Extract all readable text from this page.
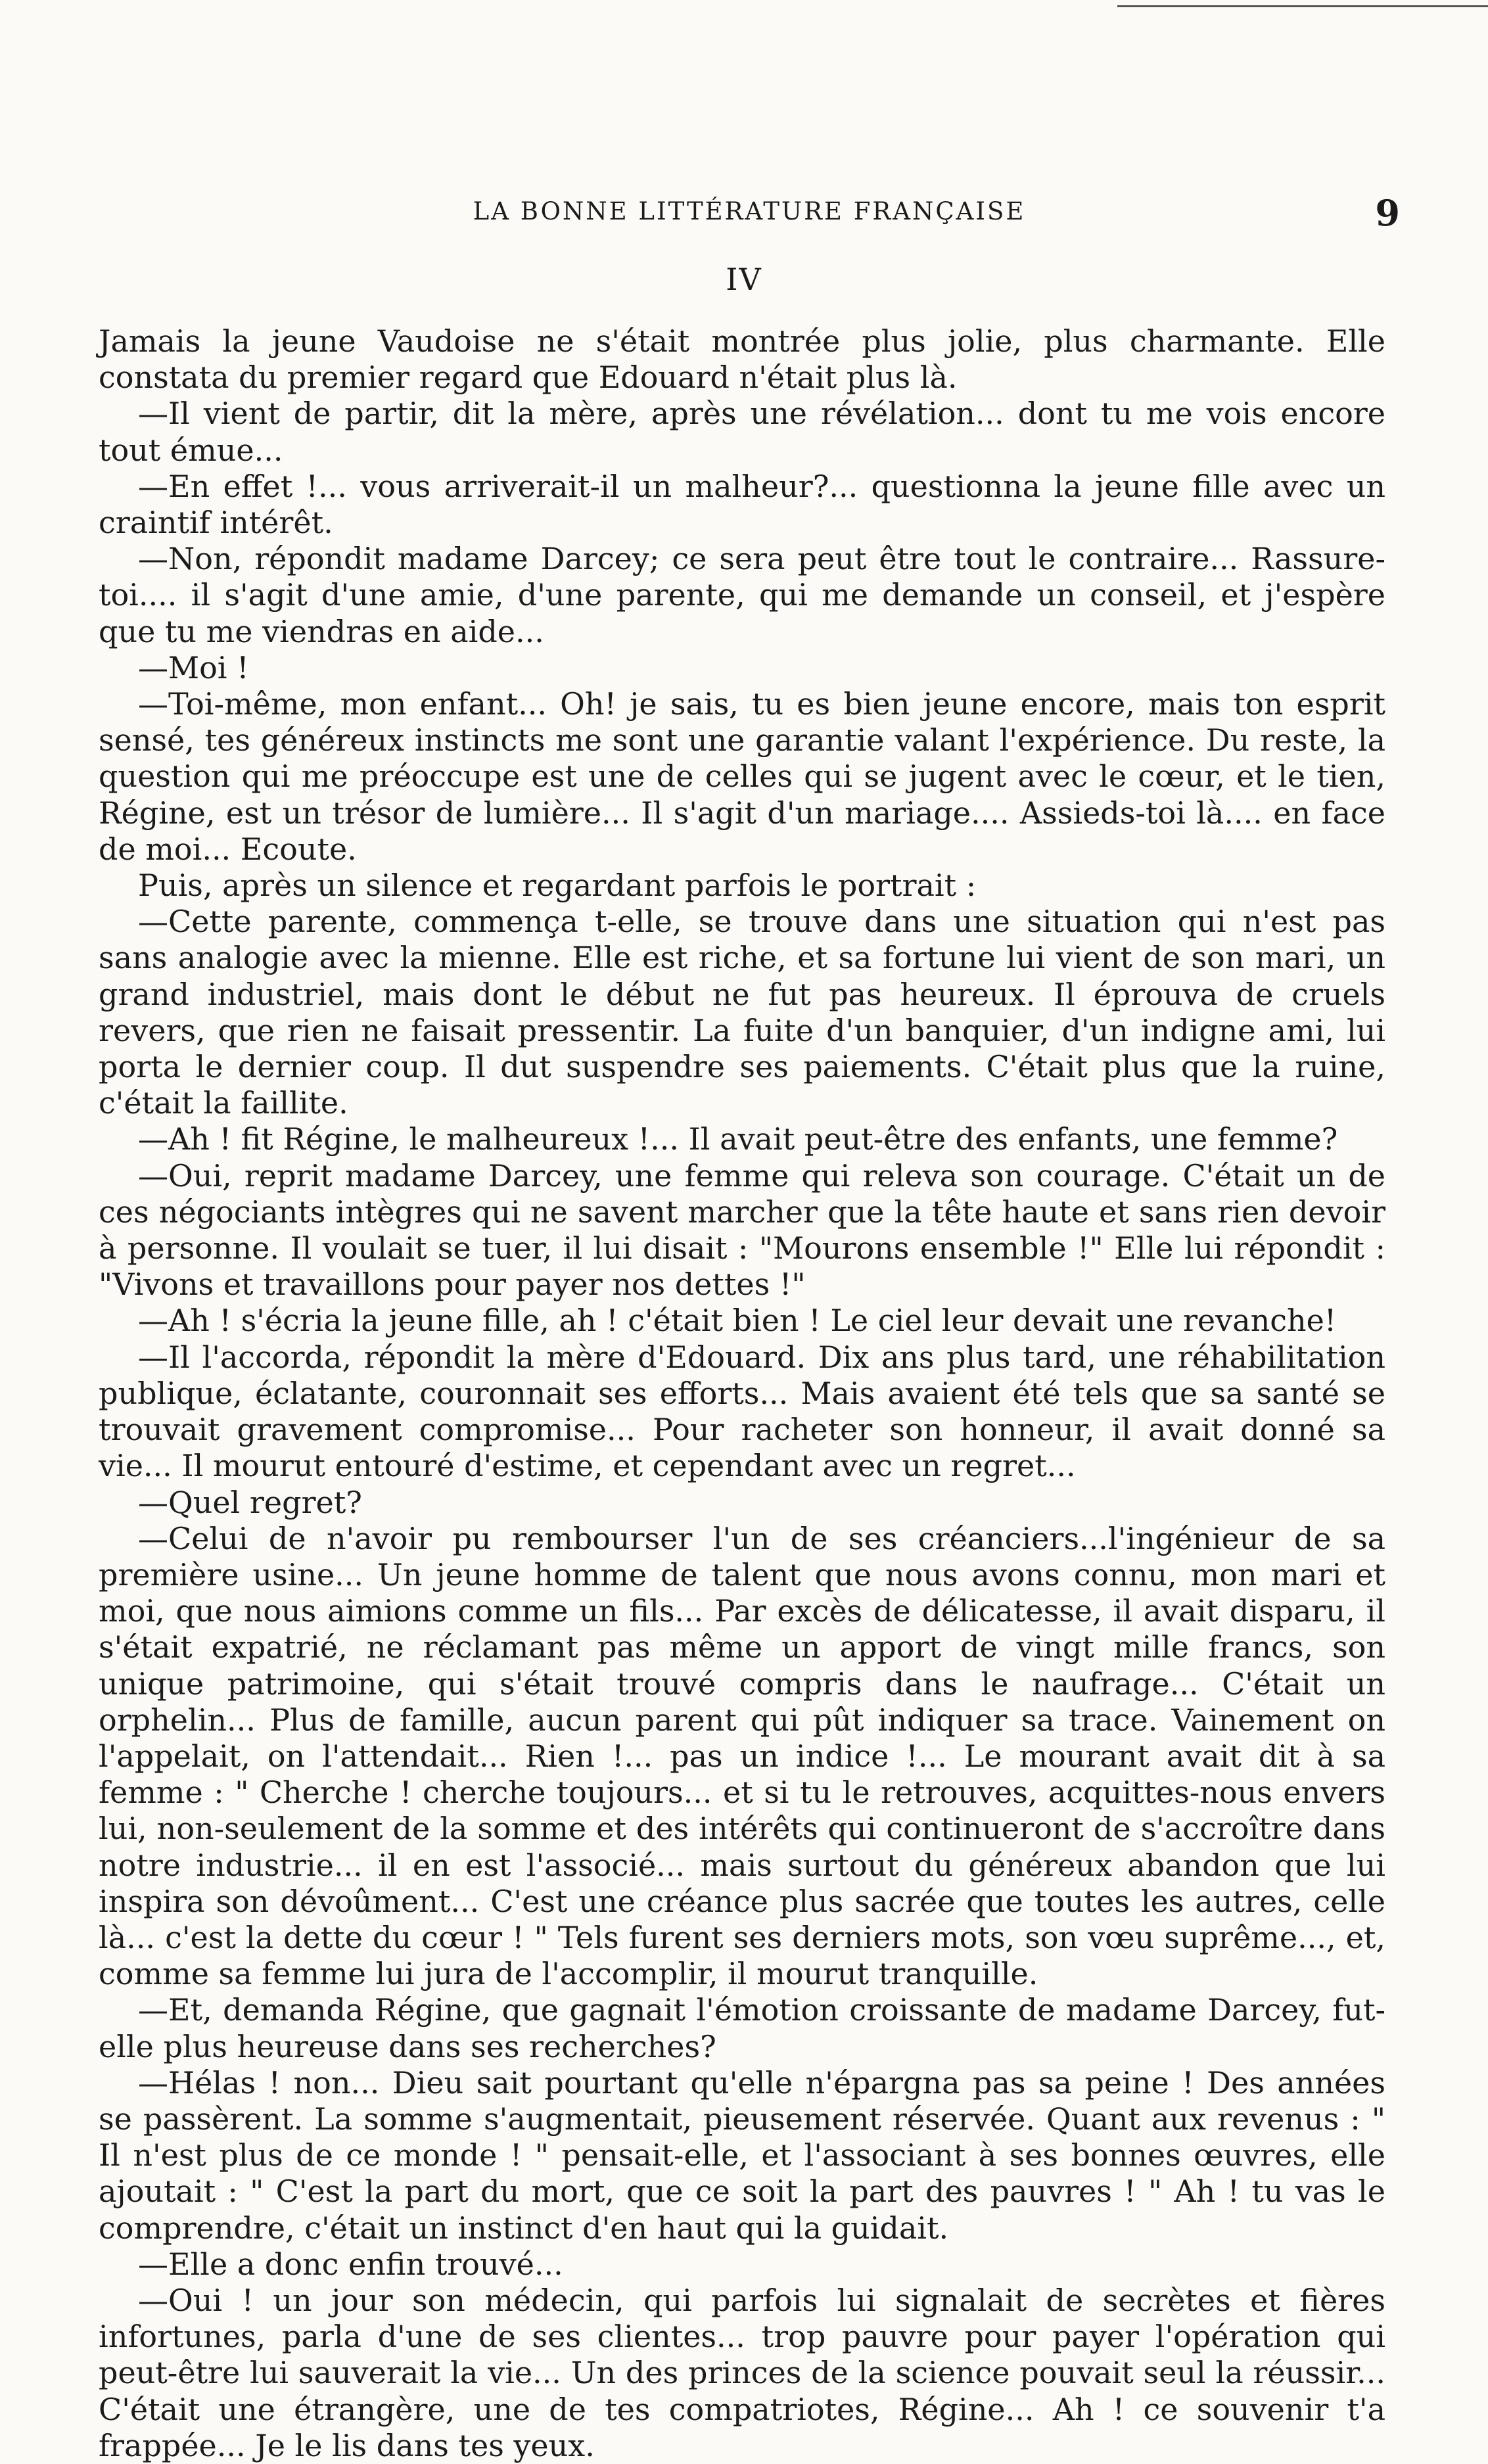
LA BONNE LITTÉRATURE FRANÇAISE	9
IV

Jamais la jeune Vaudoise ne s'était montrée plus jolie, plus charmante. Elle constata du premier regard que Edouard n'était plus là.

—Il vient de partir, dit la mère, après une révélation... dont tu me vois encore tout émue...

—En effet !... vous arriverait-il un malheur?... questionna la jeune fille avec un craintif intérêt.

—Non, répondit madame Darcey; ce sera peut être tout le contraire... Rassure-toi.... il s'agit d'une amie, d'une parente, qui me demande un conseil, et j'espère que tu me viendras en aide...

—Moi !

—Toi-même, mon enfant... Oh! je sais, tu es bien jeune encore, mais ton esprit sensé, tes généreux instincts me sont une garantie valant l'expérience. Du reste, la question qui me préoccupe est une de celles qui se jugent avec le cœur, et le tien, Régine, est un trésor de lumière... Il s'agit d'un mariage.... Assieds-toi là.... en face de moi... Ecoute.

Puis, après un silence et regardant parfois le portrait :

—Cette parente, commença t-elle, se trouve dans une situation qui n'est pas sans analogie avec la mienne. Elle est riche, et sa fortune lui vient de son mari, un grand industriel, mais dont le début ne fut pas heureux. Il éprouva de cruels revers, que rien ne faisait pressentir. La fuite d'un banquier, d'un indigne ami, lui porta le dernier coup. Il dut suspendre ses paiements. C'était plus que la ruine, c'était la faillite.

—Ah ! fit Régine, le malheureux !... Il avait peut-être des enfants, une femme?

—Oui, reprit madame Darcey, une femme qui releva son courage. C'était un de ces négociants intègres qui ne savent marcher que la tête haute et sans rien devoir à personne. Il voulait se tuer, il lui disait : "Mourons ensemble !" Elle lui répondit : "Vivons et travaillons pour payer nos dettes !"

—Ah ! s'écria la jeune fille, ah ! c'était bien ! Le ciel leur devait une revanche!

—Il l'accorda, répondit la mère d'Edouard. Dix ans plus tard, une réhabilitation publique, éclatante, couronnait ses efforts... Mais avaient été tels que sa santé se trouvait gravement compromise... Pour racheter son honneur, il avait donné sa vie... Il mourut entouré d'estime, et cependant avec un regret...

—Quel regret?

—Celui de n'avoir pu rembourser l'un de ses créanciers...l'ingénieur de sa première usine... Un jeune homme de talent que nous avons connu, mon mari et moi, que nous aimions comme un fils... Par excès de délicatesse, il avait disparu, il s'était expatrié, ne réclamant pas même un apport de vingt mille francs, son unique patrimoine, qui s'était trouvé compris dans le naufrage... C'était un orphelin... Plus de famille, aucun parent qui pût indiquer sa trace. Vainement on l'appelait, on l'attendait... Rien !... pas un indice !... Le mourant avait dit à sa femme : " Cherche ! cherche toujours... et si tu le retrouves, acquittes-nous envers lui, non-seulement de la somme et des intérêts qui continueront de s'accroître dans notre industrie... il en est l'associé... mais surtout du généreux abandon que lui inspira son dévoûment... C'est une créance plus sacrée que toutes les autres, celle là... c'est la dette du cœur ! " Tels furent ses derniers mots, son vœu suprême..., et, comme sa femme lui jura de l'accomplir, il mourut tranquille.

—Et, demanda Régine, que gagnait l'émotion croissante de madame Darcey, fut-elle plus heureuse dans ses recherches?

—Hélas ! non... Dieu sait pourtant qu'elle n'épargna pas sa peine ! Des années se passèrent. La somme s'augmentait, pieusement réservée. Quant aux revenus : " Il n'est plus de ce monde ! " pensait-elle, et l'associant à ses bonnes œuvres, elle ajoutait : " C'est la part du mort, que ce soit la part des pauvres ! " Ah ! tu vas le comprendre, c'était un instinct d'en haut qui la guidait.

—Elle a donc enfin trouvé...

—Oui ! un jour son médecin, qui parfois lui signalait de secrètes et fières infortunes, parla d'une de ses clientes... trop pauvre pour payer l'opération qui peut-être lui sauverait la vie... Un des princes de la science pouvait seul la réussir... C'était une étrangère, une de tes compatriotes, Régine... Ah ! ce souvenir t'a frappée... Je le lis dans tes yeux.
